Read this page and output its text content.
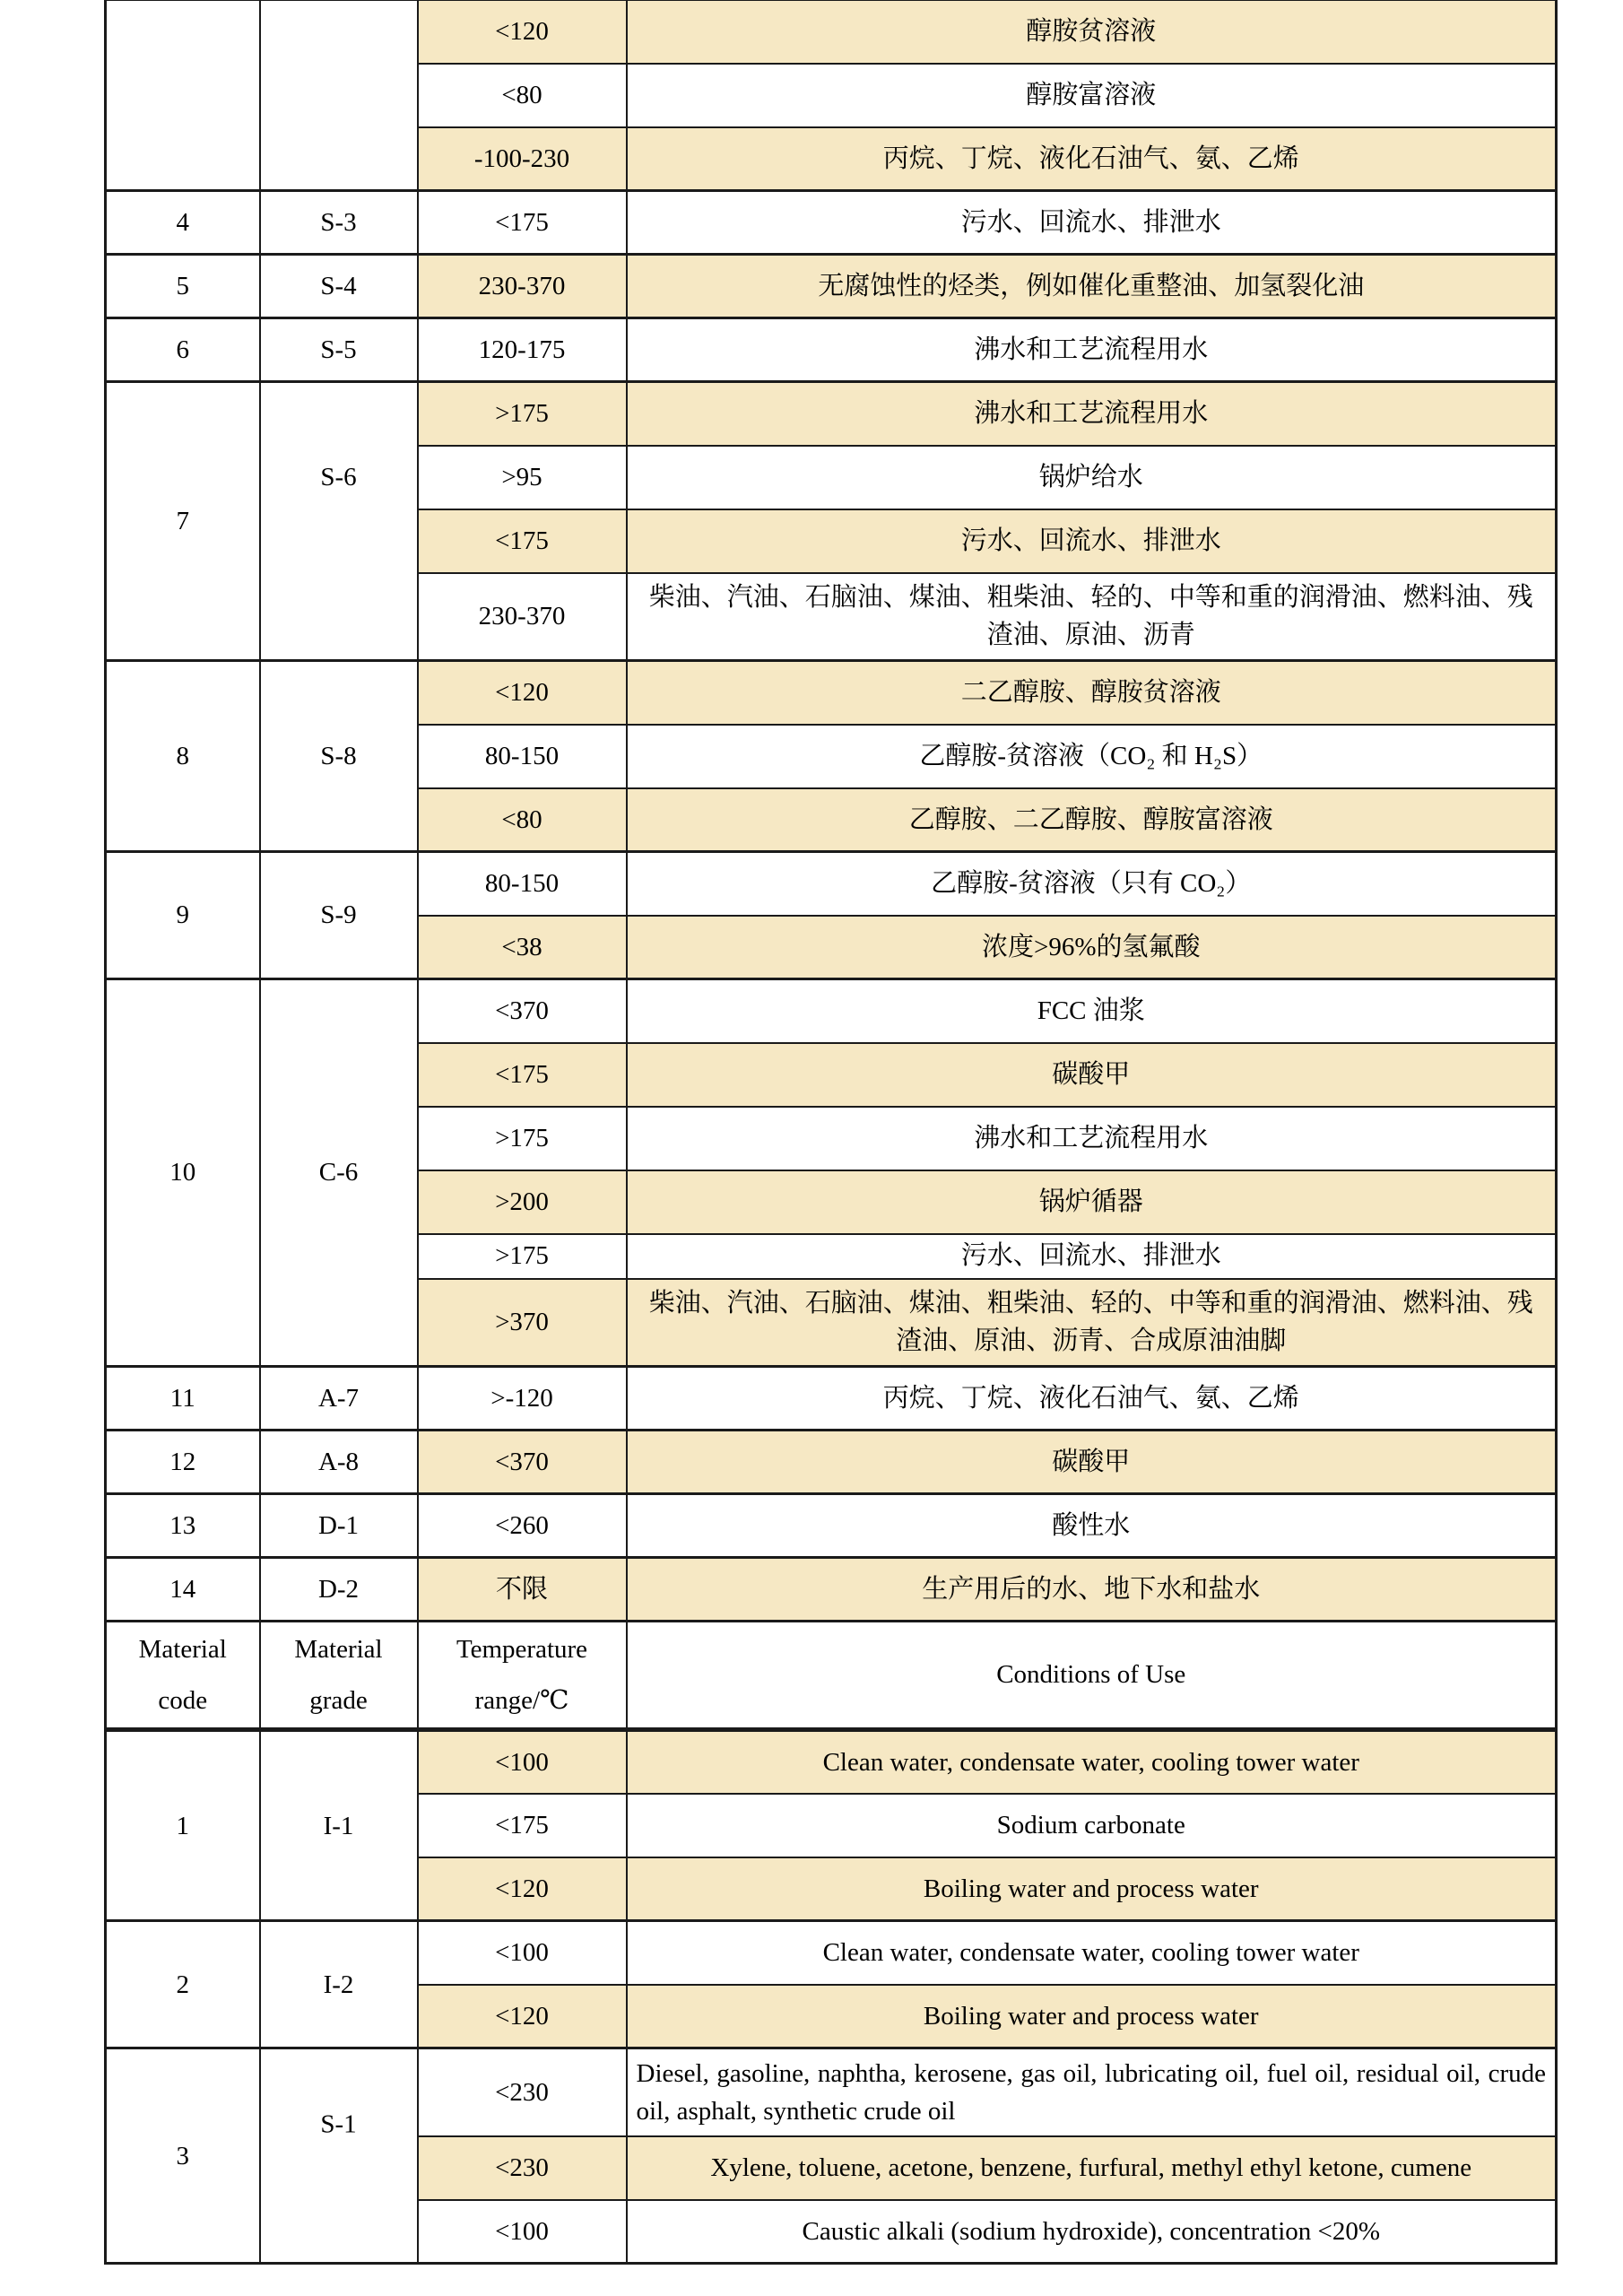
		<120	醇胺贫溶液
		<80	醇胺富溶液
		-100-230	丙烷、丁烷、液化石油气、氨、乙烯
4	S-3	<175	污水、回流水、排泄水
5	S-4	230-370	无腐蚀性的烃类，例如催化重整油、加氢裂化油
6	S-5	120-175	沸水和工艺流程用水
7	S-6	>175	沸水和工艺流程用水
		>95	锅炉给水
		<175	污水、回流水、排泄水
		230-370	柴油、汽油、石脑油、煤油、粗柴油、轻的、中等和重的润滑油、燃料油、残渣油、原油、沥青
8	S-8	<120	二乙醇胺、醇胺贫溶液
		80-150	乙醇胺-贫溶液（CO₂ 和 H₂S）
		<80	乙醇胺、二乙醇胺、醇胺富溶液
9	S-9	80-150	乙醇胺-贫溶液（只有 CO₂）
		<38	浓度>96%的氢氟酸
10	C-6	<370	FCC 油浆
		<175	碳酸甲
		>175	沸水和工艺流程用水
		>200	锅炉循器
		>175	污水、回流水、排泄水
		>370	柴油、汽油、石脑油、煤油、粗柴油、轻的、中等和重的润滑油、燃料油、残渣油、原油、沥青、合成原油油脚
11	A-7	>-120	丙烷、丁烷、液化石油气、氨、乙烯
12	A-8	<370	碳酸甲
13	D-1	<260	酸性水
14	D-2	不限	生产用后的水、地下水和盐水
Material code	Material grade	Temperature range/℃	Conditions of Use
1	I-1	<100	Clean water, condensate water, cooling tower water
		<175	Sodium carbonate
		<120	Boiling water and process water
2	I-2	<100	Clean water, condensate water, cooling tower water
		<120	Boiling water and process water
3	S-1	<230	Diesel, gasoline, naphtha, kerosene, gas oil, lubricating oil, fuel oil, residual oil, crude oil, asphalt, synthetic crude oil
		<230	Xylene, toluene, acetone, benzene, furfural, methyl ethyl ketone, cumene
		<100	Caustic alkali (sodium hydroxide), concentration <20%
